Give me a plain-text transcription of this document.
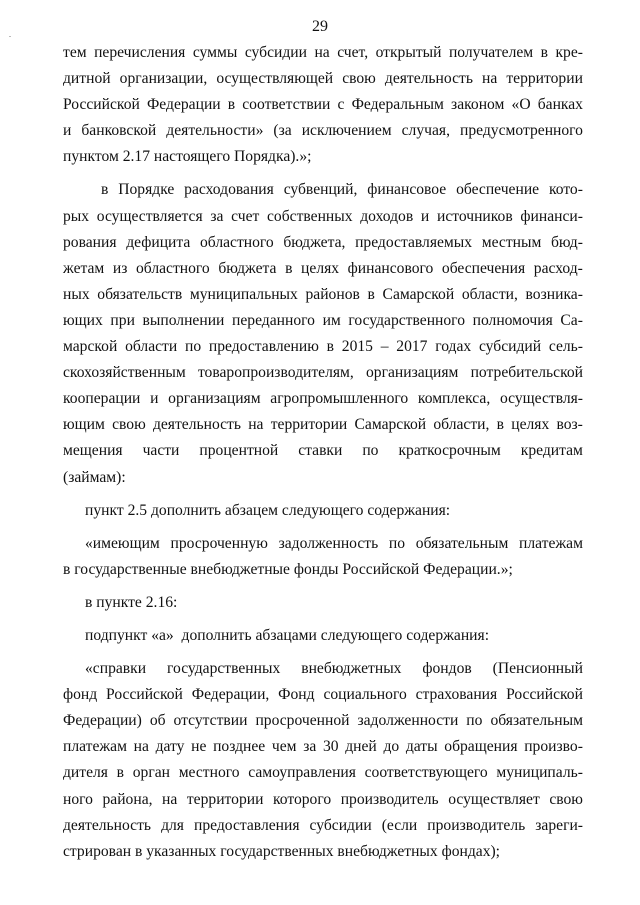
29
тем перечисления суммы субсидии на счет, открытый получателем в кре-
дитной организации, осуществляющей свою деятельность на территории
Российской Федерации в соответствии с Федеральным законом «О банках
и банковской деятельности» (за исключением случая, предусмотренного
пунктом 2.17 настоящего Порядка).»;
в Порядке расходования субвенций, финансовое обеспечение кото-
рых осуществляется за счет собственных доходов и источников финанси-
рования дефицита областного бюджета, предоставляемых местным бюд-
жетам из областного бюджета в целях финансового обеспечения расход-
ных обязательств муниципальных районов в Самарской области, возника-
ющих при выполнении переданного им государственного полномочия Са-
марской области по предоставлению в 2015 – 2017 годах субсидий сель-
скохозяйственным товаропроизводителям, организациям потребительской
кооперации и организациям агропромышленного комплекса, осуществля-
ющим свою деятельность на территории Самарской области, в целях воз-
мещения части процентной ставки по краткосрочным кредитам
(займам):
пункт 2.5 дополнить абзацем следующего содержания:
«имеющим просроченную задолженность по обязательным платежам
в государственные внебюджетные фонды Российской Федерации.»;
в пункте 2.16:
подпункт «а»  дополнить абзацами следующего содержания:
«справки государственных внебюджетных фондов (Пенсионный
фонд Российской Федерации, Фонд социального страхования Российской
Федерации) об отсутствии просроченной задолженности по обязательным
платежам на дату не позднее чем за 30 дней до даты обращения произво-
дителя в орган местного самоуправления соответствующего муниципаль-
ного района, на территории которого производитель осуществляет свою
деятельность для предоставления субсидии (если производитель зареги-
стрирован в указанных государственных внебюджетных фондах);
